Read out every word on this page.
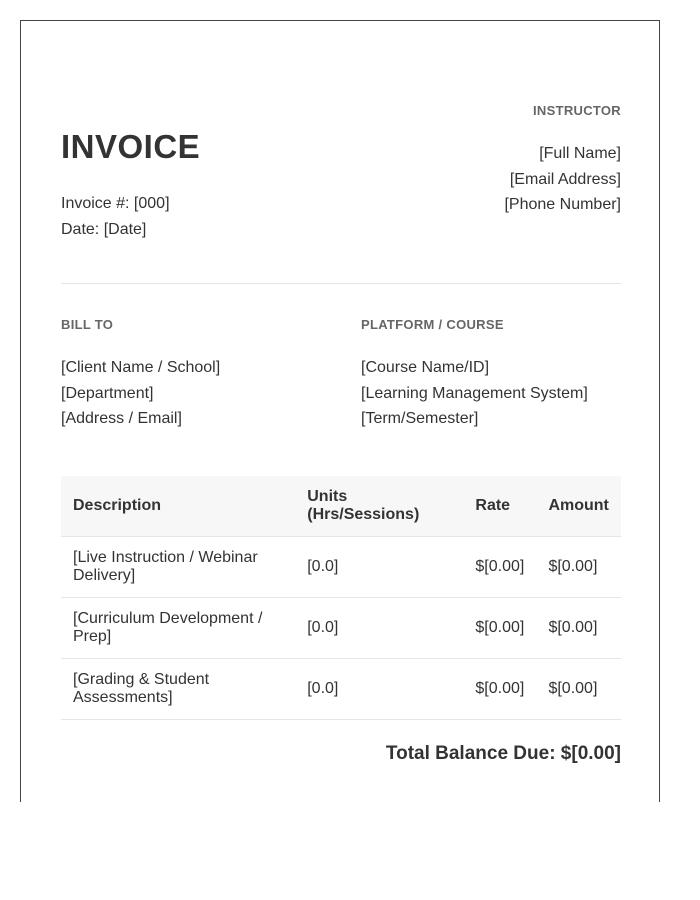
INVOICE
Invoice #: [000]
Date: [Date]
INSTRUCTOR
[Full Name]
[Email Address]
[Phone Number]
BILL TO
[Client Name / School]
[Department]
[Address / Email]
PLATFORM / COURSE
[Course Name/ID]
[Learning Management System]
[Term/Semester]
Description	Units (Hrs/Sessions)	Rate	Amount
[Live Instruction / Webinar Delivery]	[0.0]	$[0.00]	$[0.00]
[Curriculum Development / Prep]	[0.0]	$[0.00]	$[0.00]
[Grading & Student Assessments]	[0.0]	$[0.00]	$[0.00]
Total Balance Due: $[0.00]
